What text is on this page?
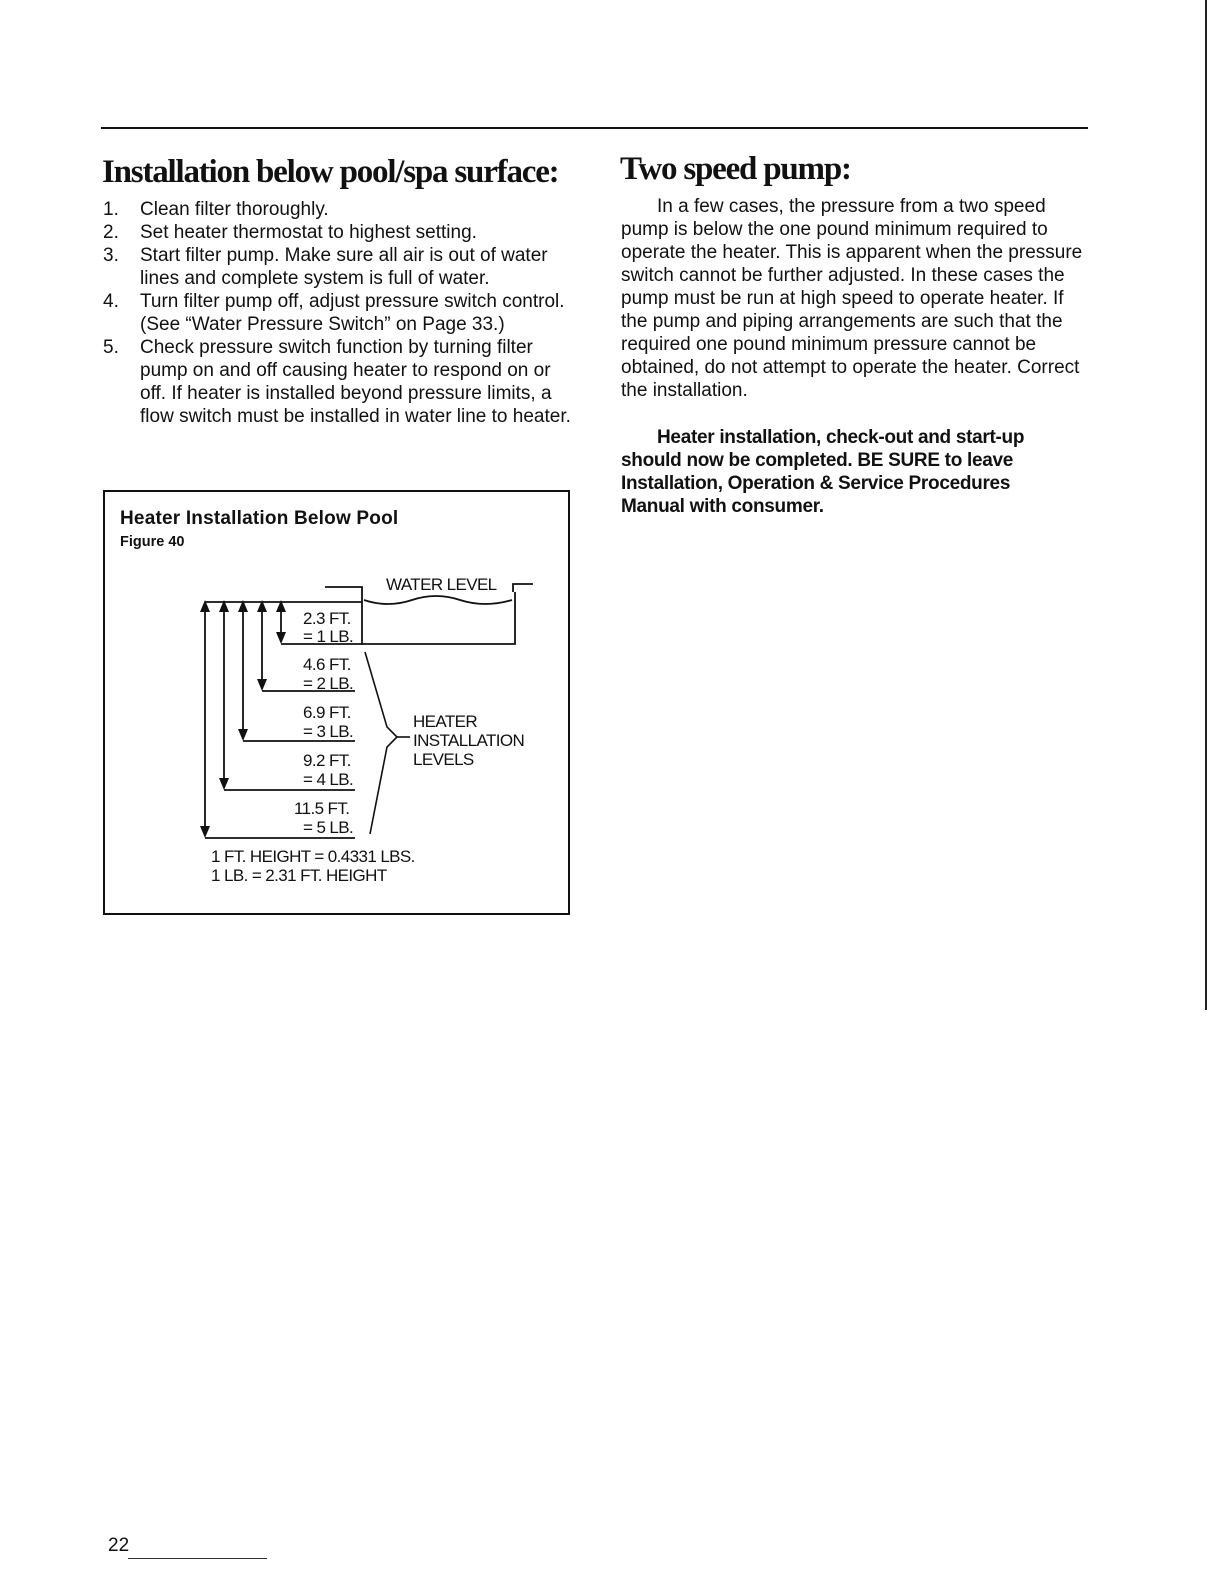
Installation below pool/spa surface:
1. Clean filter thoroughly.
2. Set heater thermostat to highest setting.
3. Start filter pump. Make sure all air is out of water lines and complete system is full of water.
4. Turn filter pump off, adjust pressure switch control. (See “Water Pressure Switch” on Page 33.)
5. Check pressure switch function by turning filter pump on and off causing heater to respond on or off. If heater is installed beyond pressure limits, a flow switch must be installed in water line to heater.

Heater Installation Below Pool

Figure 40

WATER LEVEL
2.3 FT.
= 1 LB.
4.6 FT.
= 2 LB.
6.9 FT.
= 3 LB.
9.2 FT.
= 4 LB.
11.5 FT.
= 5 LB.
HEATER
INSTALLATION
LEVELS
1 FT. HEIGHT = 0.4331 LBS.
1 LB. = 2.31 FT. HEIGHT
Two speed pump:

In a few cases, the pressure from a two speed pump is below the one pound minimum required to operate the heater. This is apparent when the pressure switch cannot be further adjusted. In these cases the pump must be run at high speed to operate heater. If the pump and piping arrangements are such that the required one pound minimum pressure cannot be obtained, do not attempt to operate the heater. Correct the installation.

Heater installation, check-out and start-up should now be completed. BE SURE to leave Installation, Operation & Service Procedures Manual with consumer.

22
